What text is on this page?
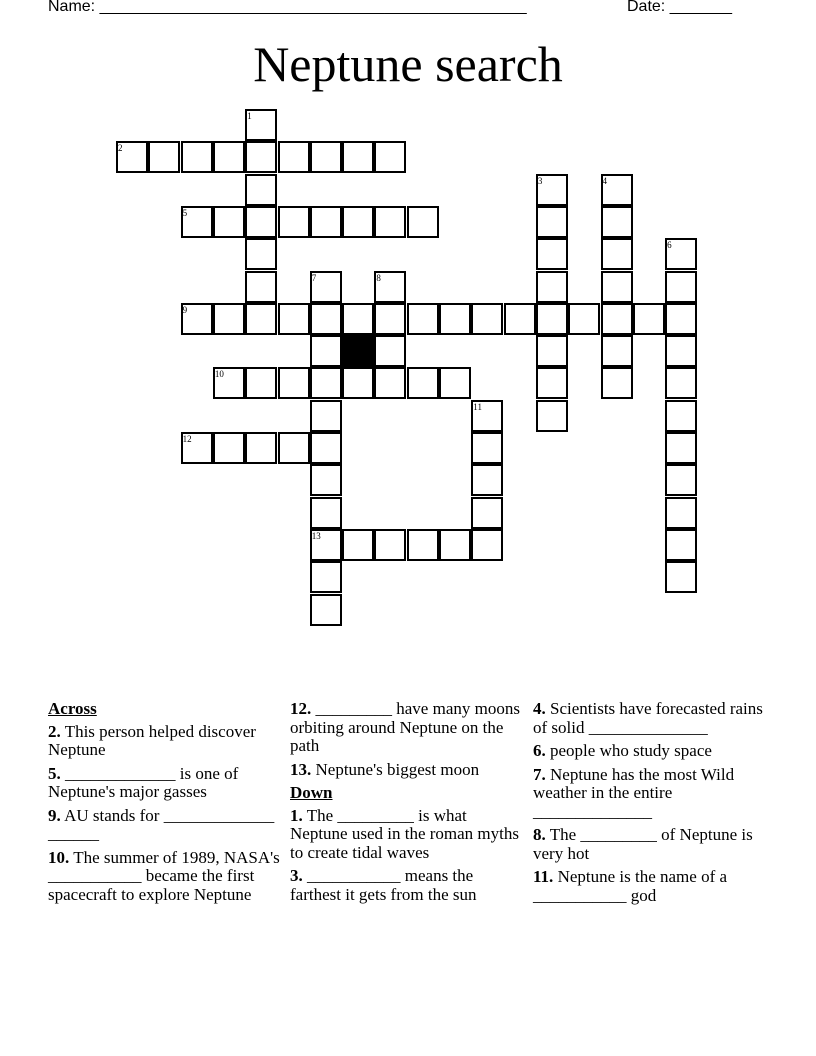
Name: ________________________________________________	Date: _______
Neptune search
1
2
3	4
5
6
7	8
9
10
11
12
13
Across
2. This person helped discover Neptune
5. _____________ is one of Neptune's major gasses
9. AU stands for _____________ ______
10. The summer of 1989, NASA's ___________ became the first spacecraft to explore Neptune
12. _________ have many moons orbiting around Neptune on the path
13. Neptune's biggest moon
Down
1. The _________ is what Neptune used in the roman myths to create tidal waves
3. ___________ means the farthest it gets from the sun
4. Scientists have forecasted rains of solid ______________
6. people who study space
7. Neptune has the most Wild weather in the entire ______________
8. The _________ of Neptune is very hot
11. Neptune is the name of a ___________ god
